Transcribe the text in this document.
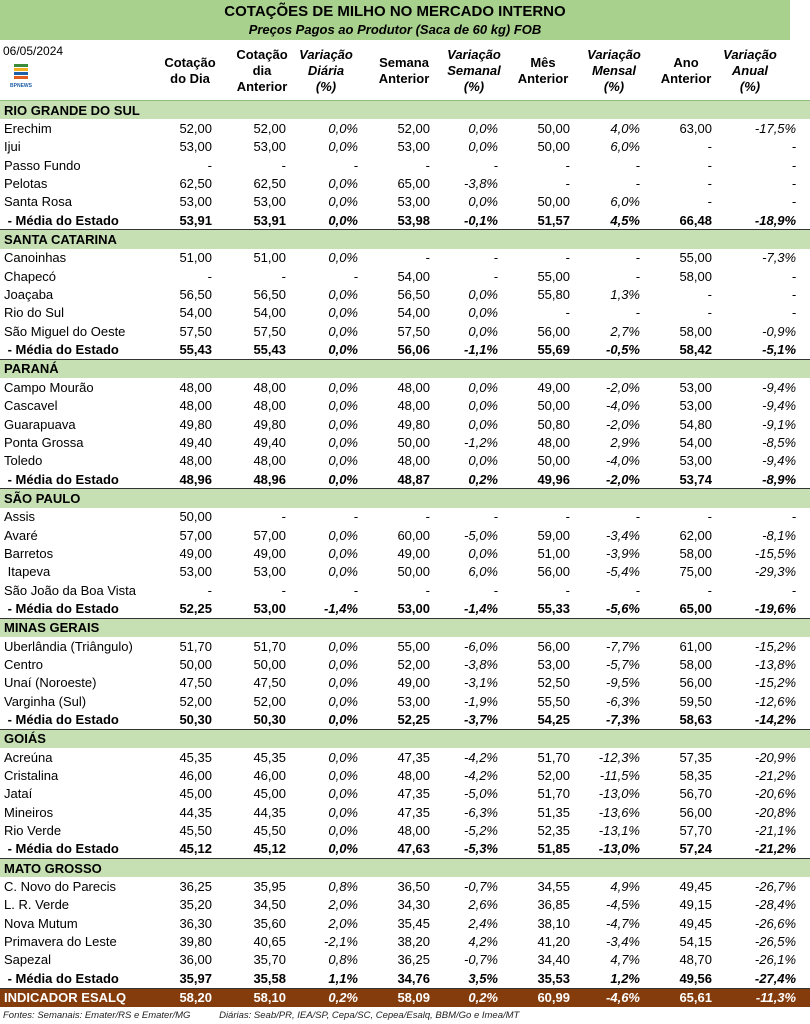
COTAÇÕES DE MILHO NO MERCADO INTERNO
Preços Pagos ao Produtor (Saca de 60 kg) FOB
06/05/2024
BPNEWS
Cotação
do Dia
Cotação
dia
Anterior
Variação
Diária
(%)
Semana
Anterior
Variação
Semanal
(%)
Mês
Anterior
Variação
Mensal
(%)
Ano
Anterior
Variação
Anual
(%)
RIO GRANDE DO SUL									
Erechim	52,00	52,00	0,0%	52,00	0,0%	50,00	4,0%	63,00	-17,5%
Ijui	53,00	53,00	0,0%	53,00	0,0%	50,00	6,0%	-	-
Passo Fundo	-	-	-	-	-	-	-	-	-
Pelotas	62,50	62,50	0,0%	65,00	-3,8%	-	-	-	-
Santa Rosa	53,00	53,00	0,0%	53,00	0,0%	50,00	6,0%	-	-
- Média do Estado	53,91	53,91	0,0%	53,98	-0,1%	51,57	4,5%	66,48	-18,9%
SANTA CATARINA									
Canoinhas	51,00	51,00	0,0%	-	-	-	-	55,00	-7,3%
Chapecó	-	-	-	54,00	-	55,00	-	58,00	-
Joaçaba	56,50	56,50	0,0%	56,50	0,0%	55,80	1,3%	-	-
Rio do Sul	54,00	54,00	0,0%	54,00	0,0%	-	-	-	-
São Miguel do Oeste	57,50	57,50	0,0%	57,50	0,0%	56,00	2,7%	58,00	-0,9%
- Média do Estado	55,43	55,43	0,0%	56,06	-1,1%	55,69	-0,5%	58,42	-5,1%
PARANÁ									
Campo Mourão	48,00	48,00	0,0%	48,00	0,0%	49,00	-2,0%	53,00	-9,4%
Cascavel	48,00	48,00	0,0%	48,00	0,0%	50,00	-4,0%	53,00	-9,4%
Guarapuava	49,80	49,80	0,0%	49,80	0,0%	50,80	-2,0%	54,80	-9,1%
Ponta Grossa	49,40	49,40	0,0%	50,00	-1,2%	48,00	2,9%	54,00	-8,5%
Toledo	48,00	48,00	0,0%	48,00	0,0%	50,00	-4,0%	53,00	-9,4%
- Média do Estado	48,96	48,96	0,0%	48,87	0,2%	49,96	-2,0%	53,74	-8,9%
SÃO PAULO									
Assis	50,00	-	-	-	-	-	-	-	-
Avaré	57,00	57,00	0,0%	60,00	-5,0%	59,00	-3,4%	62,00	-8,1%
Barretos	49,00	49,00	0,0%	49,00	0,0%	51,00	-3,9%	58,00	-15,5%
Itapeva	53,00	53,00	0,0%	50,00	6,0%	56,00	-5,4%	75,00	-29,3%
São João da Boa Vista	-	-	-	-	-	-	-	-	-
- Média do Estado	52,25	53,00	-1,4%	53,00	-1,4%	55,33	-5,6%	65,00	-19,6%
MINAS GERAIS									
Uberlândia (Triângulo)	51,70	51,70	0,0%	55,00	-6,0%	56,00	-7,7%	61,00	-15,2%
Centro	50,00	50,00	0,0%	52,00	-3,8%	53,00	-5,7%	58,00	-13,8%
Unaí (Noroeste)	47,50	47,50	0,0%	49,00	-3,1%	52,50	-9,5%	56,00	-15,2%
Varginha (Sul)	52,00	52,00	0,0%	53,00	-1,9%	55,50	-6,3%	59,50	-12,6%
- Média do Estado	50,30	50,30	0,0%	52,25	-3,7%	54,25	-7,3%	58,63	-14,2%
GOIÁS									
Acreúna	45,35	45,35	0,0%	47,35	-4,2%	51,70	-12,3%	57,35	-20,9%
Cristalina	46,00	46,00	0,0%	48,00	-4,2%	52,00	-11,5%	58,35	-21,2%
Jataí	45,00	45,00	0,0%	47,35	-5,0%	51,70	-13,0%	56,70	-20,6%
Mineiros	44,35	44,35	0,0%	47,35	-6,3%	51,35	-13,6%	56,00	-20,8%
Rio Verde	45,50	45,50	0,0%	48,00	-5,2%	52,35	-13,1%	57,70	-21,1%
- Média do Estado	45,12	45,12	0,0%	47,63	-5,3%	51,85	-13,0%	57,24	-21,2%
MATO GROSSO									
C. Novo do Parecis	36,25	35,95	0,8%	36,50	-0,7%	34,55	4,9%	49,45	-26,7%
L. R. Verde	35,20	34,50	2,0%	34,30	2,6%	36,85	-4,5%	49,15	-28,4%
Nova Mutum	36,30	35,60	2,0%	35,45	2,4%	38,10	-4,7%	49,45	-26,6%
Primavera do Leste	39,80	40,65	-2,1%	38,20	4,2%	41,20	-3,4%	54,15	-26,5%
Sapezal	36,00	35,70	0,8%	36,25	-0,7%	34,40	4,7%	48,70	-26,1%
- Média do Estado	35,97	35,58	1,1%	34,76	3,5%	35,53	1,2%	49,56	-27,4%
INDICADOR ESALQ	58,20	58,10	0,2%	58,09	0,2%	60,99	-4,6%	65,61	-11,3%
Fontes: Semanais: Emater/RS e Emater/MG	Diárias: Seab/PR, IEA/SP, Cepa/SC, Cepea/Esalq, BBM/Go e Imea/MT
